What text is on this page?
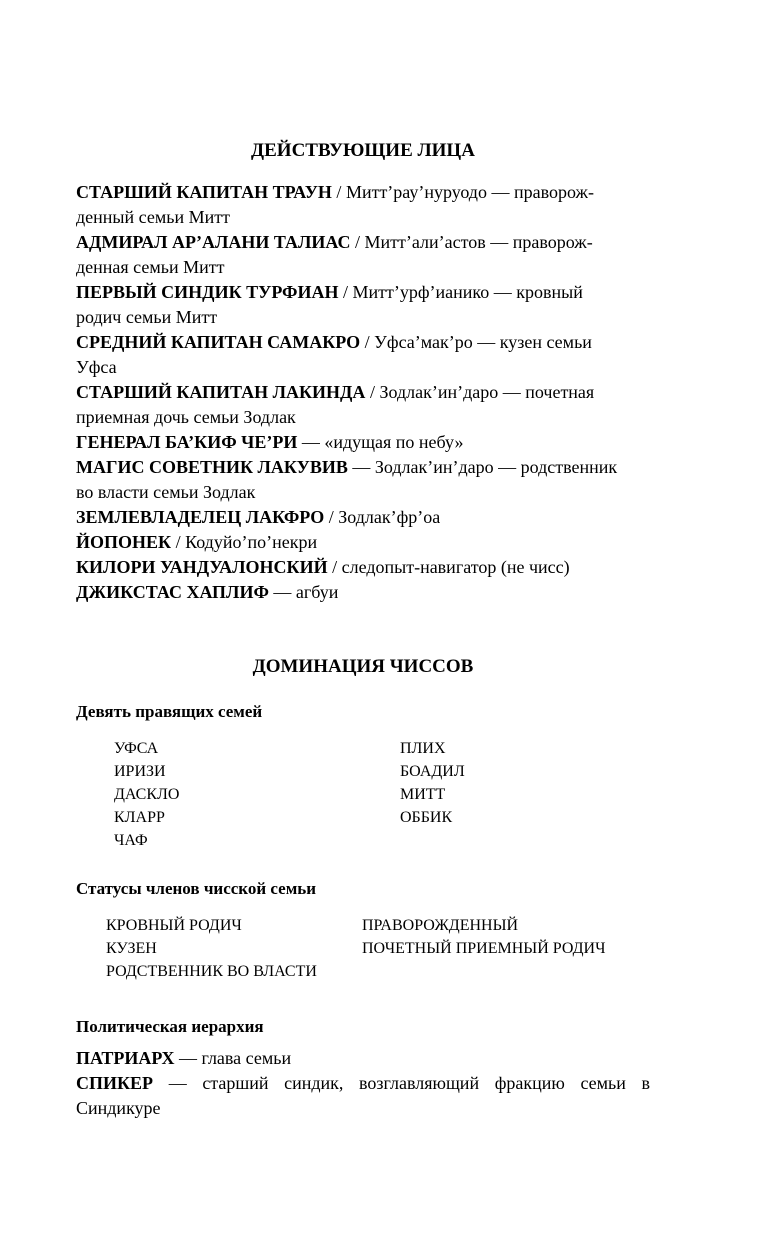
ДЕЙСТВУЮЩИЕ ЛИЦА

СТАРШИЙ КАПИТАН ТРАУН / Митт’рау’нуруодо — праворож-
денный семьи Митт

АДМИРАЛ АР’АЛАНИ ТАЛИАС / Митт’али’астов — праворож-
денная семьи Митт

ПЕРВЫЙ СИНДИК ТУРФИАН / Митт’урф’ианико — кровный
родич семьи Митт

СРЕДНИЙ КАПИТАН САМАКРО / Уфса’мак’ро — кузен семьи
Уфса

СТАРШИЙ КАПИТАН ЛАКИНДА / Зодлак’ин’даро — почетная
приемная дочь семьи Зодлак

ГЕНЕРАЛ БА’КИФ ЧЕ’РИ — «идущая по небу»

МАГИС СОВЕТНИК ЛАКУВИВ — Зодлак’ин’даро — родственник
во власти семьи Зодлак

ЗЕМЛЕВЛАДЕЛЕЦ ЛАКФРО / Зодлак’фр’оа

ЙОПОНЕК / Кодуйо’по’некри

КИЛОРИ УАНДУАЛОНСКИЙ / следопыт-навигатор (не чисс)

ДЖИКСТАС ХАПЛИФ — агбуи

ДОМИНАЦИЯ ЧИССОВ
Девять правящих семей
УФСА
ИРИЗИ
ДАСКЛО
КЛАРР
ЧАФ
ПЛИХ
БОАДИЛ
МИТТ
ОББИК
Статусы членов чисской семьи
КРОВНЫЙ РОДИЧ
КУЗЕН
РОДСТВЕННИК ВО ВЛАСТИ
ПРАВОРОЖДЕННЫЙ
ПОЧЕТНЫЙ ПРИЕМНЫЙ РОДИЧ
Политическая иерархия

ПАТРИАРХ — глава семьи

СПИКЕР — старший синдик, возглавляющий фракцию семьи в Синдикуре
